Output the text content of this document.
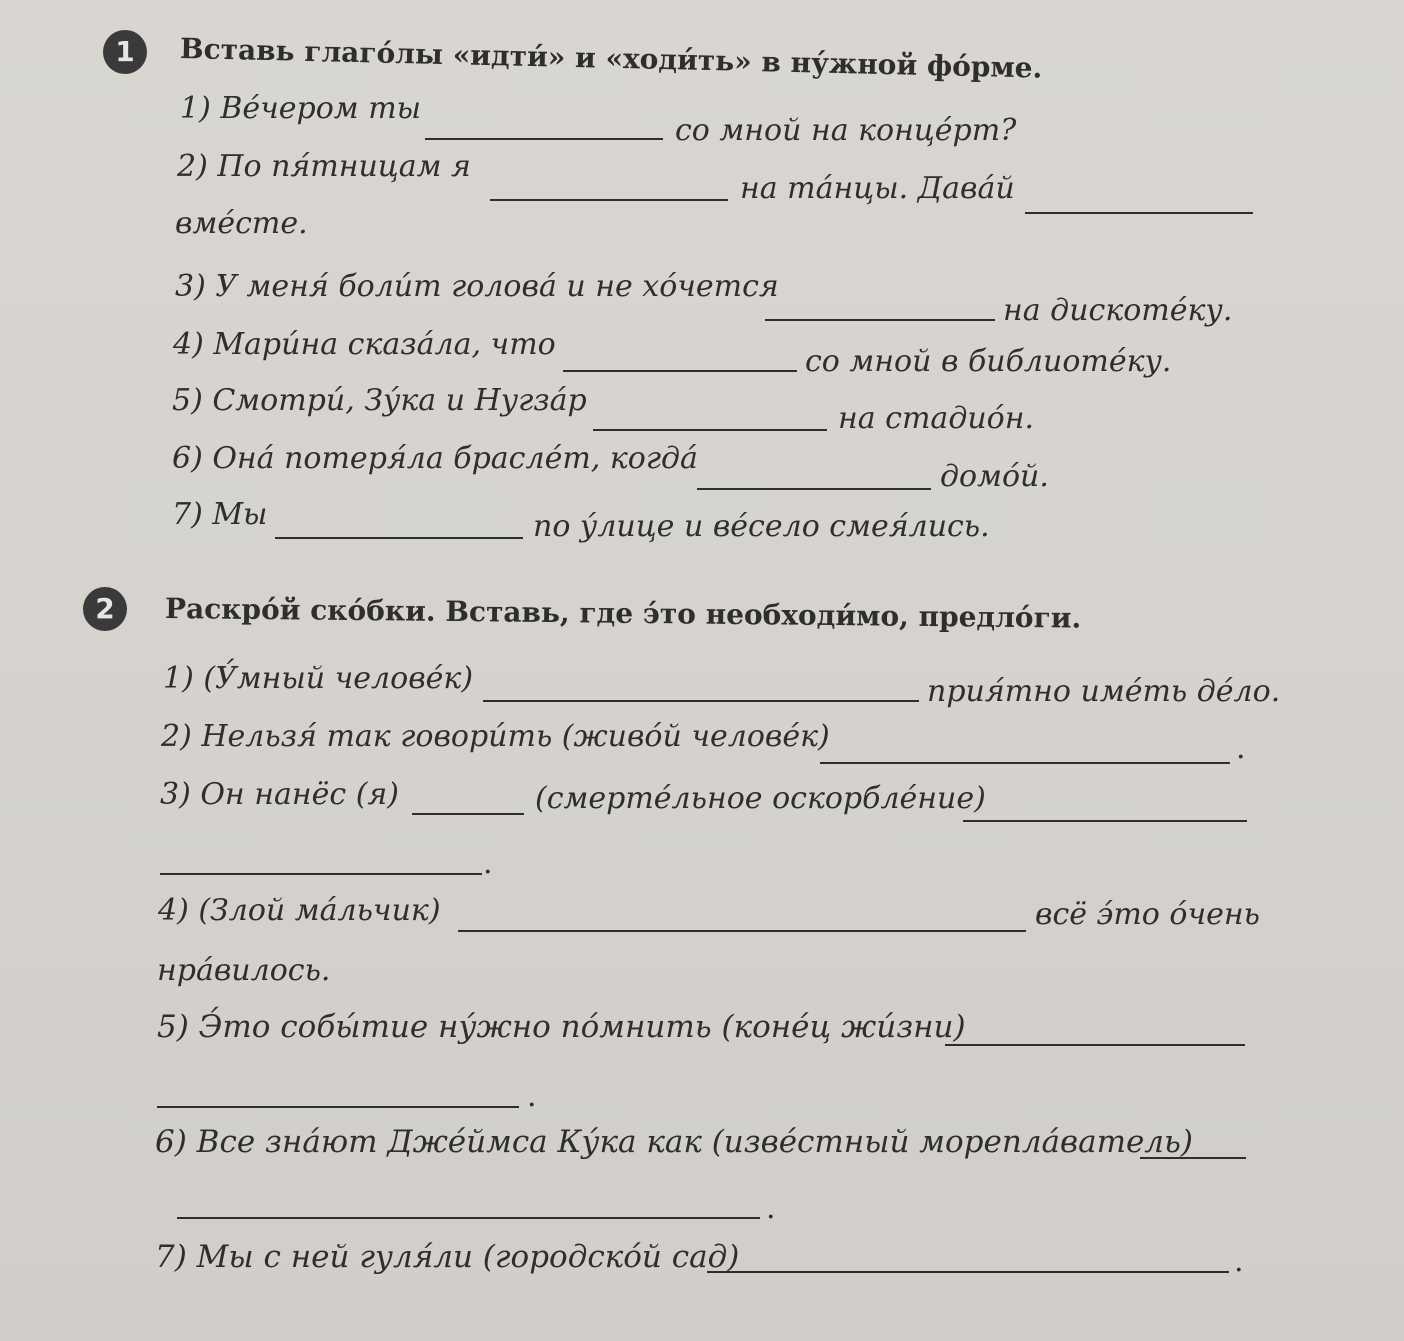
1	Вставь глаго́лы «идти́» и «ходи́ть» в ну́жной фо́рме.
1) Ве́чером ты
со мной на конце́рт?
2) По пя́тницам я
на та́нцы. Дава́й
вме́сте.
3) У меня́ боли́т голова́ и не хо́чется
на дискоте́ку.
4) Мари́на сказа́ла, что	со мной в библиоте́ку.
5) Смотри́, Зу́ка и Нугза́р
на стадио́н.
6) Она́ потеря́ла брасле́т, когда́
домо́й.
7) Мы	по у́лице и ве́село смея́лись.
2	Раскро́й ско́бки. Вставь, где э́то необходи́мо, предло́ги.
1) (У́мный челове́к)	прия́тно име́ть де́ло.
2) Нельзя́ так говори́ть (живо́й челове́к)	.
3) Он нанёс (я)	(смерте́льное оскорбле́ние)
.
4) (Злой ма́льчик)	всё э́то о́чень
нра́вилось.
5) Э́то собы́тие ну́жно по́мнить (коне́ц жи́зни)
.
6) Все зна́ют Дже́ймса Ку́ка как (изве́стный морепла́ватель)
.
7) Мы с ней гуля́ли (городско́й сад)	.
